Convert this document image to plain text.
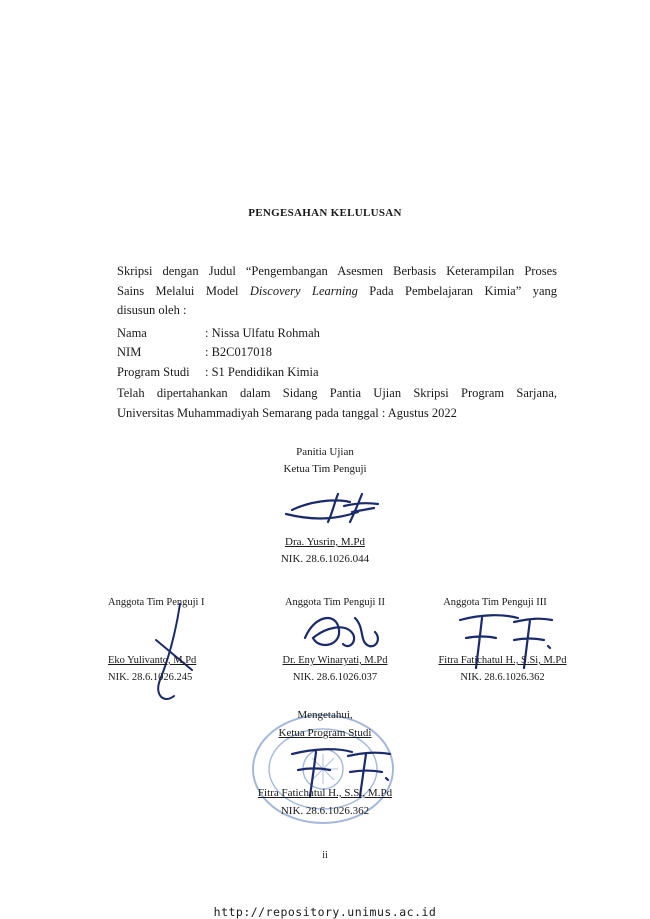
PENGESAHAN KELULUSAN
Skripsi dengan Judul “Pengembangan Asesmen Berbasis Keterampilan Proses
Sains Melalui Model Discovery Learning Pada Pembelajaran Kimia” yang
disusun oleh :
Nama	: Nissa Ulfatu Rohmah
NIM	: B2C017018
Program Studi : S1 Pendidikan Kimia
Telah dipertahankan dalam Sidang Pantia Ujian Skripsi Program Sarjana,
Universitas Muhammadiyah Semarang pada tanggal : Agustus 2022
Panitia Ujian
Ketua Tim Penguji
Dra. Yusrin, M.Pd
NIK. 28.6.1026.044
Anggota Tim Penguji I	Anggota Tim Penguji II	Anggota Tim Penguji III
Eko Yulivanto, M.Pd	Dr. Eny Winaryati, M.Pd	Fitra Fatichatul H., S.Si, M.Pd
NIK. 28.6.1026.245	NIK. 28.6.1026.037	NIK. 28.6.1026.362
Mengetahui,
Ketua Program Studi
Fitra Fatichatul H., S.Si, M.Pd
NIK. 28.6.1026.362
ii
http://repository.unimus.ac.id
